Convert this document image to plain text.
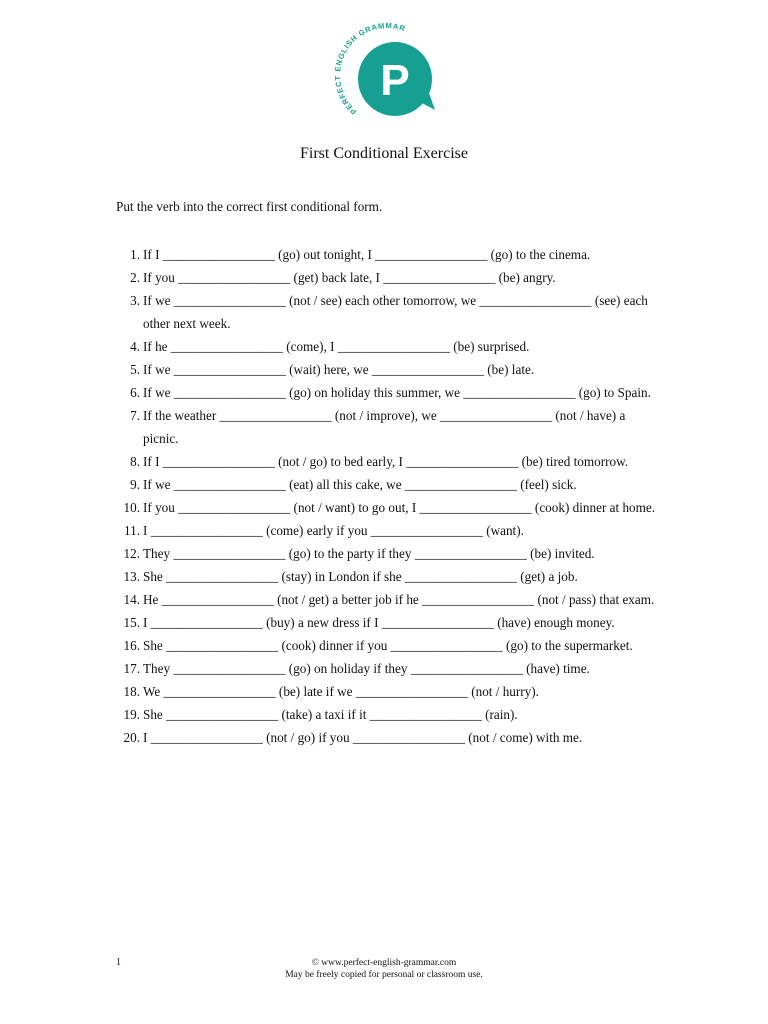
PERFECT ENGLISH GRAMMAR
P
First Conditional Exercise
Put the verb into the correct first conditional form.
1. If I _________________ (go) out tonight, I _________________ (go) to the cinema.
2. If you _________________ (get) back late, I _________________ (be) angry.
3. If we _________________ (not / see) each other tomorrow, we _________________ (see) each other next week.
4. If he _________________ (come), I _________________ (be) surprised.
5. If we _________________ (wait) here, we _________________ (be) late.
6. If we _________________ (go) on holiday this summer, we _________________ (go) to Spain.
7. If the weather _________________ (not / improve), we _________________ (not / have) a picnic.
8. If I _________________ (not / go) to bed early, I _________________ (be) tired tomorrow.
9. If we _________________ (eat) all this cake, we _________________ (feel) sick.
10. If you _________________ (not / want) to go out, I _________________ (cook) dinner at home.
11. I _________________ (come) early if you _________________ (want).
12. They _________________ (go) to the party if they _________________ (be) invited.
13. She _________________ (stay) in London if she _________________ (get) a job.
14. He _________________ (not / get) a better job if he _________________ (not / pass) that exam.
15. I _________________ (buy) a new dress if I _________________ (have) enough money.
16. She _________________ (cook) dinner if you _________________ (go) to the supermarket.
17. They _________________ (go) on holiday if they _________________ (have) time.
18. We _________________ (be) late if we _________________ (not / hurry).
19. She _________________ (take) a taxi if it _________________ (rain).
20. I _________________ (not / go) if you _________________ (not / come) with me.
1	© www.perfect-english-grammar.com
May be freely copied for personal or classroom use.
